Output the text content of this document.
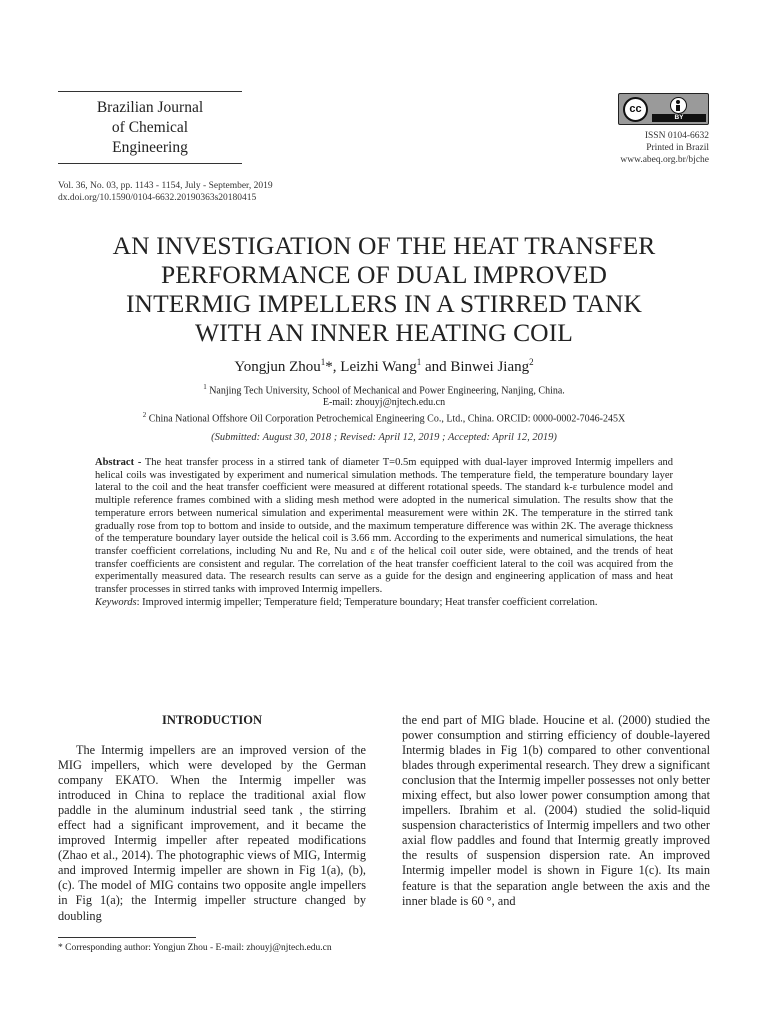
Brazilian Journal
of Chemical
Engineering
cc
BY
ISSN 0104-6632
Printed in Brazil
www.abeq.org.br/bjche
Vol. 36, No. 03, pp. 1143 - 1154, July - September, 2019
dx.doi.org/10.1590/0104-6632.20190363s20180415
AN INVESTIGATION OF THE HEAT TRANSFER
PERFORMANCE OF DUAL IMPROVED
INTERMIG IMPELLERS IN A STIRRED TANK
WITH AN INNER HEATING COIL
Yongjun Zhou$^1$*, Leizhi Wang$^1$ and Binwei Jiang$^2$
$^1$ Nanjing Tech University, School of Mechanical and Power Engineering, Nanjing, China.
E-mail: zhouyj@njtech.edu.cn
$^2$ China National Offshore Oil Corporation Petrochemical Engineering Co., Ltd., China. ORCID: 0000-0002-7046-245X
(Submitted: August 30, 2018 ; Revised: April 12, 2019 ; Accepted: April 12, 2019)
Abstract - The heat transfer process in a stirred tank of diameter T=0.5m equipped with dual-layer improved Intermig impellers and helical coils was investigated by experiment and numerical simulation methods. The temperature field, the temperature boundary layer lateral to the coil and the heat transfer coefficient were measured at different rotational speeds. The standard k-ε turbulence model and multiple reference frames combined with a sliding mesh method were adopted in the numerical simulation. The results show that the temperature errors between numerical simulation and experimental measurement were within 2K. The temperature in the stirred tank gradually rose from top to bottom and inside to outside, and the maximum temperature difference was within 2K. The average thickness of the temperature boundary layer outside the helical coil is 3.66 mm. According to the experiments and numerical simulations, the heat transfer coefficient correlations, including Nu and Re, Nu and ε of the helical coil outer side, were obtained, and the trends of heat transfer coefficients are consistent and regular. The correlation of the heat transfer coefficient lateral to the coil was acquired from the experimentally measured data. The research results can serve as a guide for the design and engineering application of mass and heat transfer processes in stirred tanks with improved Intermig impellers.
Keywords: Improved intermig impeller; Temperature field; Temperature boundary; Heat transfer coefficient correlation.
INTRODUCTION
The Intermig impellers are an improved version of the MIG impellers, which were developed by the German company EKATO. When the Intermig impeller was introduced in China to replace the traditional axial flow paddle in the aluminum industrial seed tank , the stirring effect had a significant improvement, and it became the improved Intermig impeller after repeated modifications (Zhao et al., 2014). The photographic views of MIG, Intermig and improved Intermig impeller are shown in Fig 1(a), (b), (c). The model of MIG contains two opposite angle impellers in Fig 1(a); the Intermig impeller structure changed by doubling
the end part of MIG blade. Houcine et al. (2000) studied the power consumption and stirring efficiency of double-layered Intermig blades in Fig 1(b) compared to other conventional blades through experimental research. They drew a significant conclusion that the Intermig impeller possesses not only better mixing effect, but also lower power consumption among that impellers. Ibrahim et al. (2004) studied the solid-liquid suspension characteristics of Intermig impellers and two other axial flow paddles and found that Intermig greatly improved the results of suspension dispersion rate. An improved Intermig impeller model is shown in Figure 1(c). Its main feature is that the separation angle between the axis and the inner blade is 60 °, and
* Corresponding author: Yongjun Zhou - E-mail: zhouyj@njtech.edu.cn
